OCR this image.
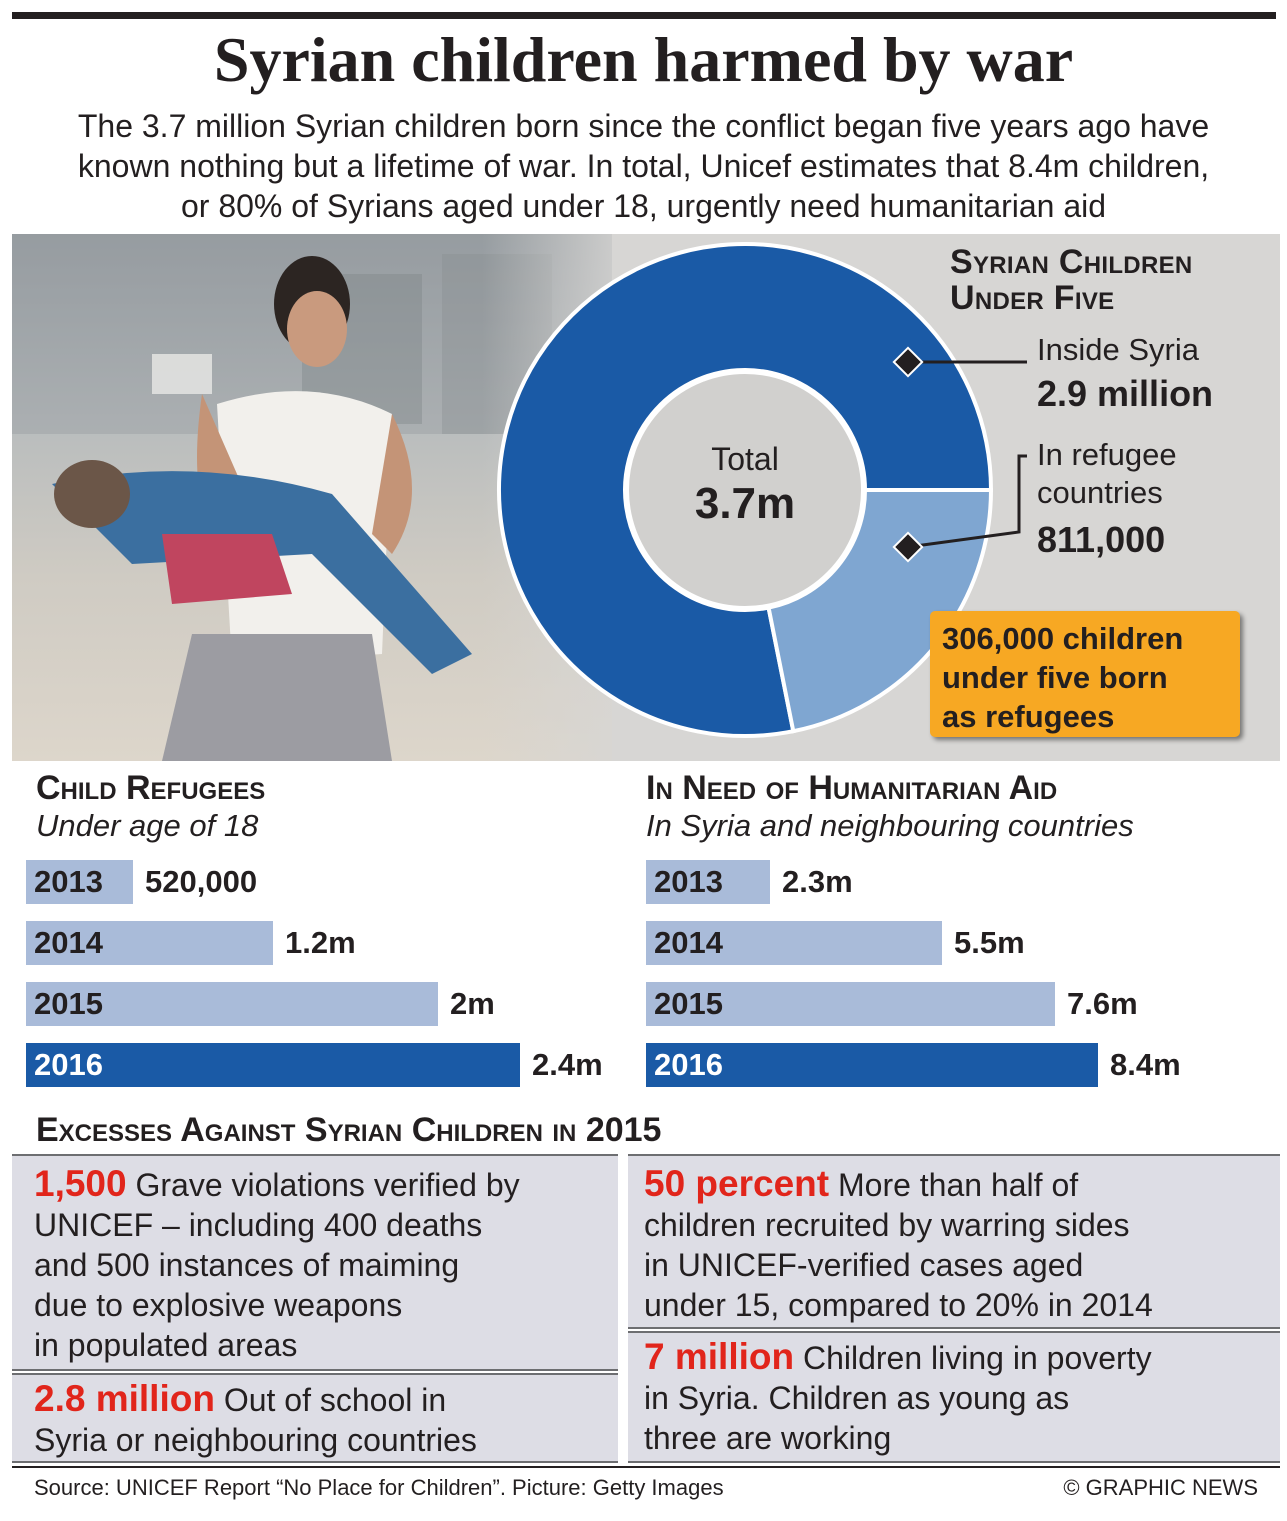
Syrian children harmed by war
The 3.7 million Syrian children born since the conflict began five years ago have
known nothing but a lifetime of war. In total, Unicef estimates that 8.4m children,
or 80% of Syrians aged under 18, urgently need humanitarian aid
Total
3.7m
Syrian Children Under Five
Inside Syria
2.9 million
In refugee countries
811,000
306,000 children
under five born
as refugees
Child Refugees
Under age of 18
2013 520,000
2014	1.2m
2015	2m
2016	2.4m
In Need of Humanitarian Aid
In Syria and neighbouring countries
2013 2.3m
2014	5.5m
2015	7.6m
2016	8.4m
Excesses Against Syrian Children in 2015
1,500 Grave violations verified by
UNICEF – including 400 deaths
and 500 instances of maiming
due to explosive weapons
in populated areas
2.8 million Out of school in
Syria or neighbouring countries
50 percent More than half of
children recruited by warring sides
in UNICEF-verified cases aged
under 15, compared to 20% in 2014
7 million Children living in poverty
in Syria. Children as young as
three are working
Source: UNICEF Report “No Place for Children”. Picture: Getty Images	© GRAPHIC NEWS
